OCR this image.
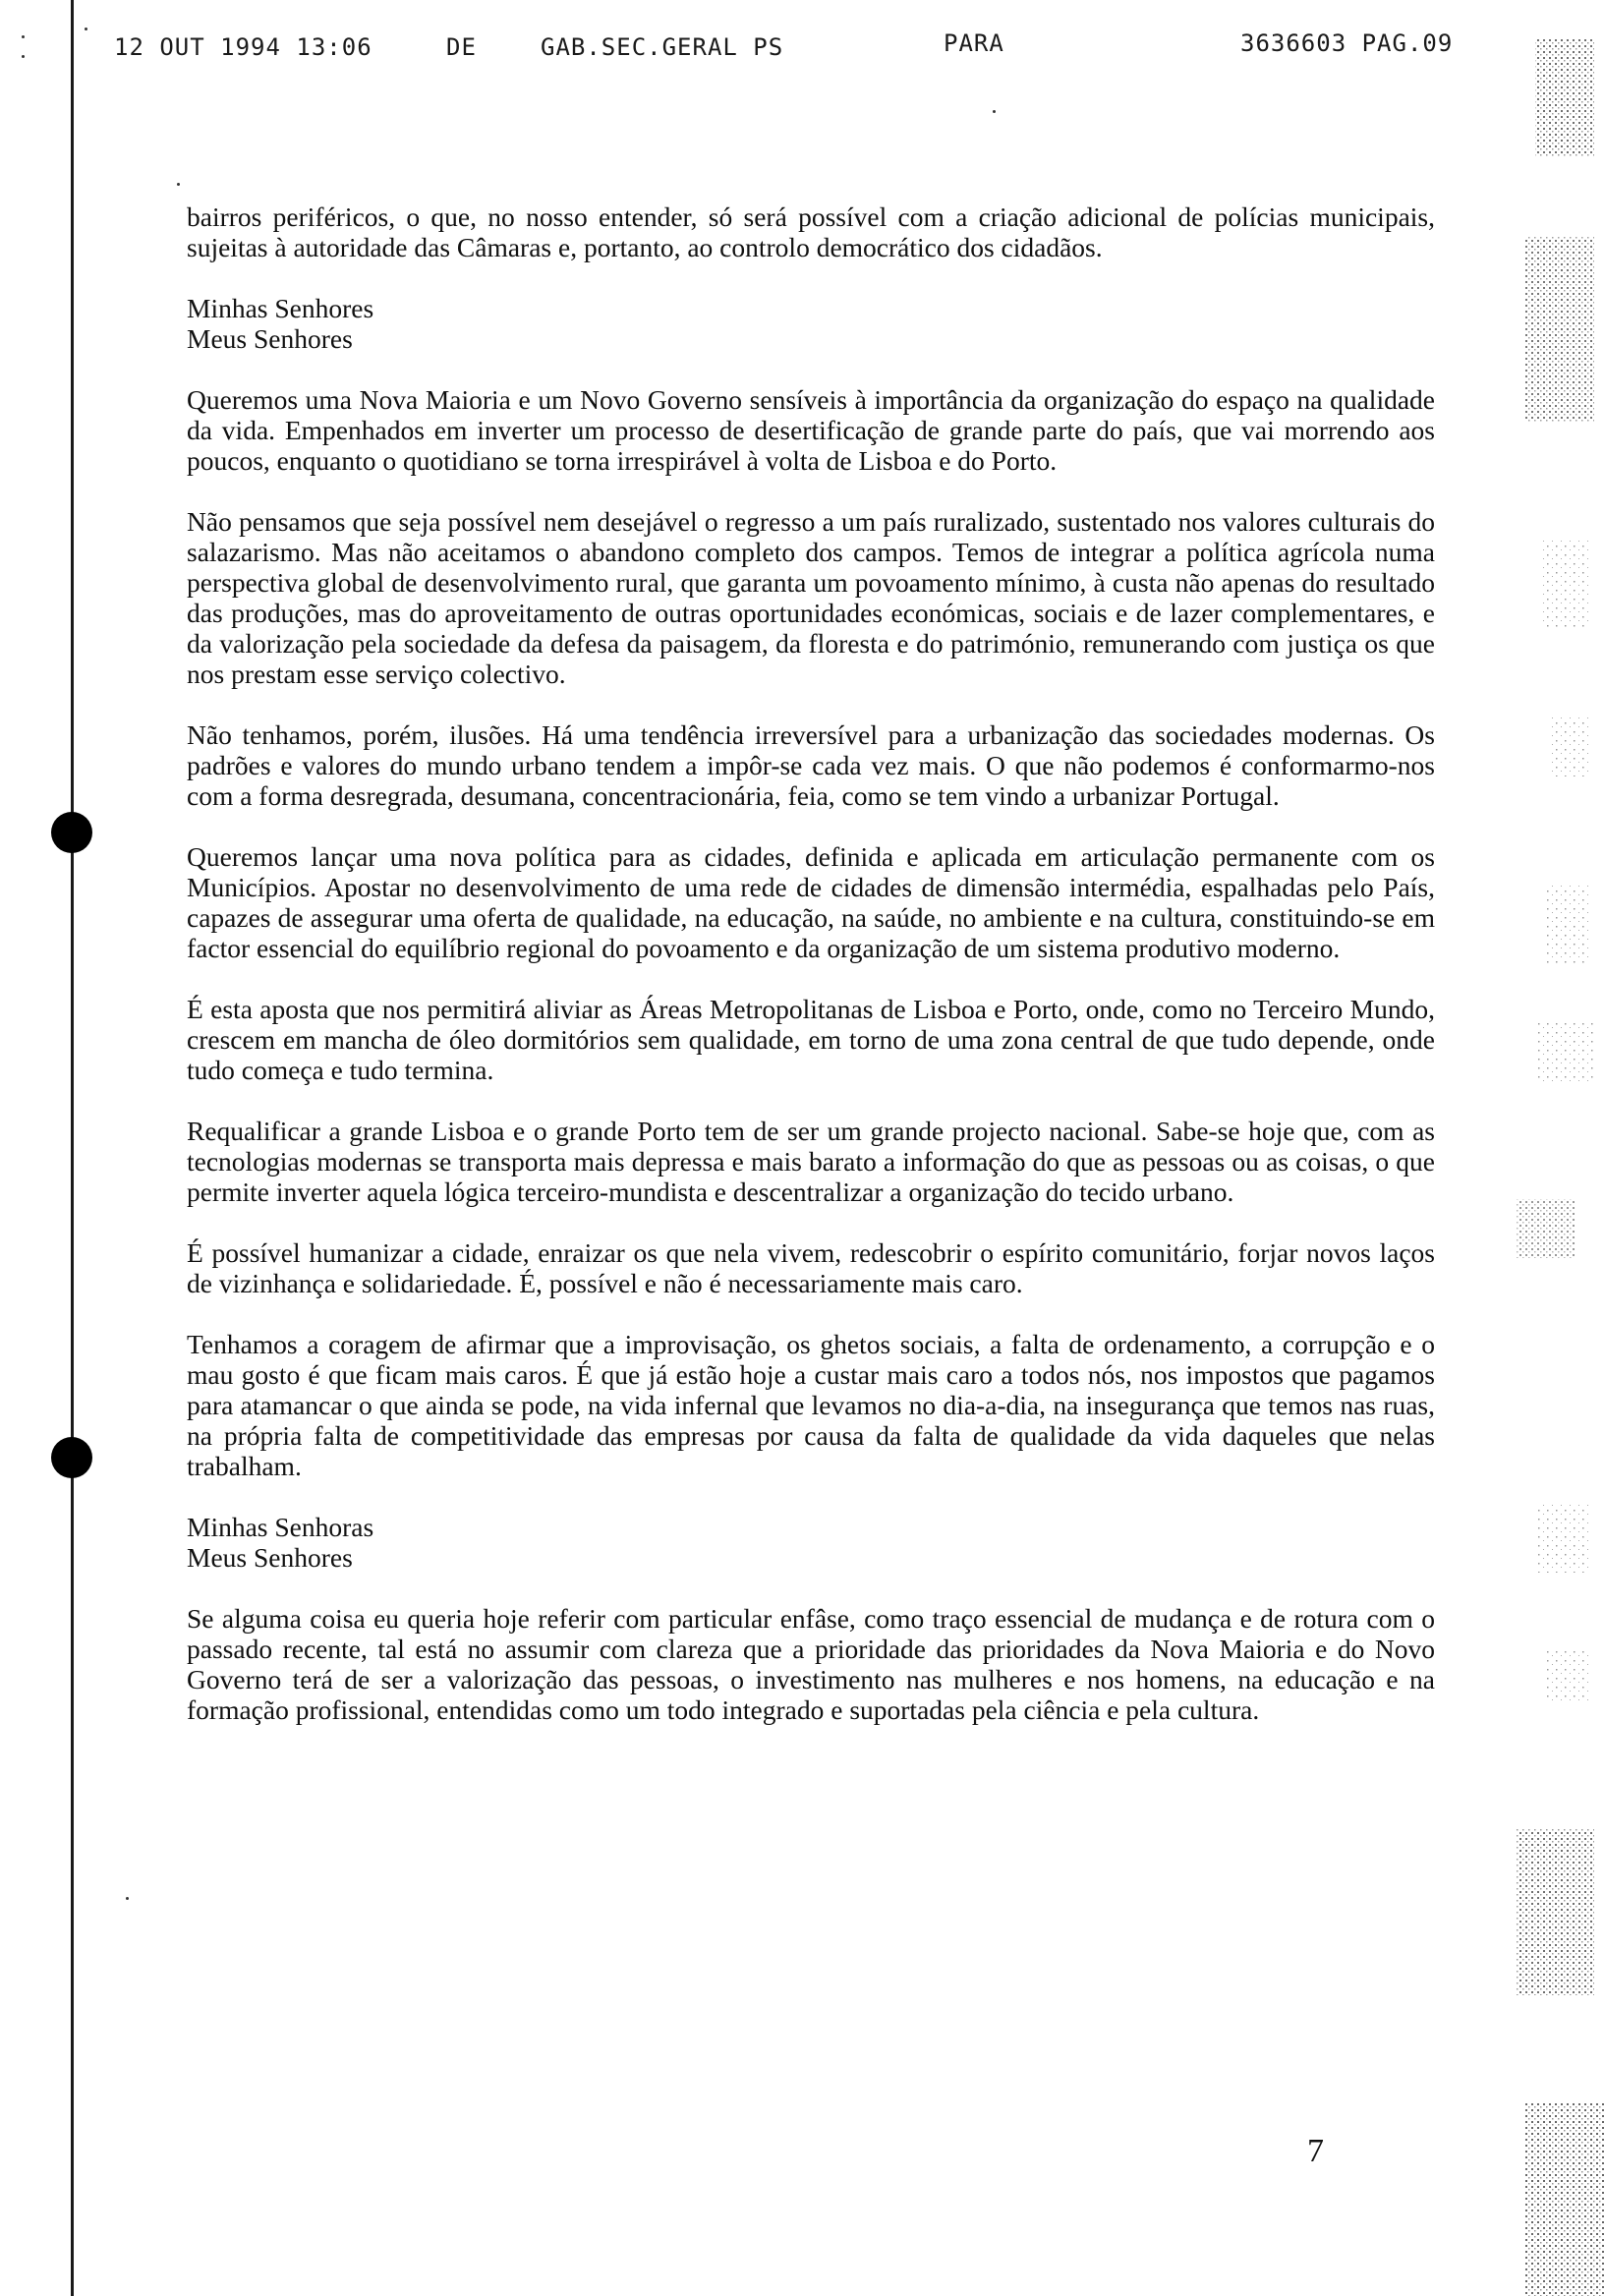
12 OUT 1994 13:06	DE	GAB.SEC.GERAL PS	PARA	3636603 PAG.09

bairros periféricos, o que, no nosso entender, só será possível com a criação adicional de polícias municipais, sujeitas à autoridade das Câmaras e, portanto, ao controlo democrático dos cidadãos.

Minhas Senhores

Meus Senhores

Queremos uma Nova Maioria e um Novo Governo sensíveis à importância da organização do espaço na qualidade da vida. Empenhados em inverter um processo de desertificação de grande parte do país, que vai morrendo aos poucos, enquanto o quotidiano se torna irrespirável à volta de Lisboa e do Porto.

Não pensamos que seja possível nem desejável o regresso a um país ruralizado, sustentado nos valores culturais do salazarismo. Mas não aceitamos o abandono completo dos campos. Temos de integrar a política agrícola numa perspectiva global de desenvolvimento rural, que garanta um povoamento mínimo, à custa não apenas do resultado das produções, mas do aproveitamento de outras oportunidades económicas, sociais e de lazer complementares, e da valorização pela sociedade da defesa da paisagem, da floresta e do património, remunerando com justiça os que nos prestam esse serviço colectivo.

Não tenhamos, porém, ilusões. Há uma tendência irreversível para a urbanização das sociedades modernas. Os padrões e valores do mundo urbano tendem a impôr-se cada vez mais. O que não podemos é conformarmo-nos com a forma desregrada, desumana, concentracionária, feia, como se tem vindo a urbanizar Portugal.

Queremos lançar uma nova política para as cidades, definida e aplicada em articulação permanente com os Municípios. Apostar no desenvolvimento de uma rede de cidades de dimensão intermédia, espalhadas pelo País, capazes de assegurar uma oferta de qualidade, na educação, na saúde, no ambiente e na cultura, constituindo-se em factor essencial do equilíbrio regional do povoamento e da organização de um sistema produtivo moderno.

É esta aposta que nos permitirá aliviar as Áreas Metropolitanas de Lisboa e Porto, onde, como no Terceiro Mundo, crescem em mancha de óleo dormitórios sem qualidade, em torno de uma zona central de que tudo depende, onde tudo começa e tudo termina.

Requalificar a grande Lisboa e o grande Porto tem de ser um grande projecto nacional. Sabe-se hoje que, com as tecnologias modernas se transporta mais depressa e mais barato a informação do que as pessoas ou as coisas, o que permite inverter aquela lógica terceiro-mundista e descentralizar a organização do tecido urbano.

É possível humanizar a cidade, enraizar os que nela vivem, redescobrir o espírito comunitário, forjar novos laços de vizinhança e solidariedade. É, possível e não é necessariamente mais caro.

Tenhamos a coragem de afirmar que a improvisação, os ghetos sociais, a falta de ordenamento, a corrupção e o mau gosto é que ficam mais caros. É que já estão hoje a custar mais caro a todos nós, nos impostos que pagamos para atamancar o que ainda se pode, na vida infernal que levamos no dia-a-dia, na insegurança que temos nas ruas, na própria falta de competitividade das empresas por causa da falta de qualidade da vida daqueles que nelas trabalham.

Minhas Senhoras

Meus Senhores

Se alguma coisa eu queria hoje referir com particular enfâse, como traço essencial de mudança e de rotura com o passado recente, tal está no assumir com clareza que a prioridade das prioridades da Nova Maioria e do Novo Governo terá de ser a valorização das pessoas, o investimento nas mulheres e nos homens, na educação e na formação profissional, entendidas como um todo integrado e suportadas pela ciência e pela cultura.

7
